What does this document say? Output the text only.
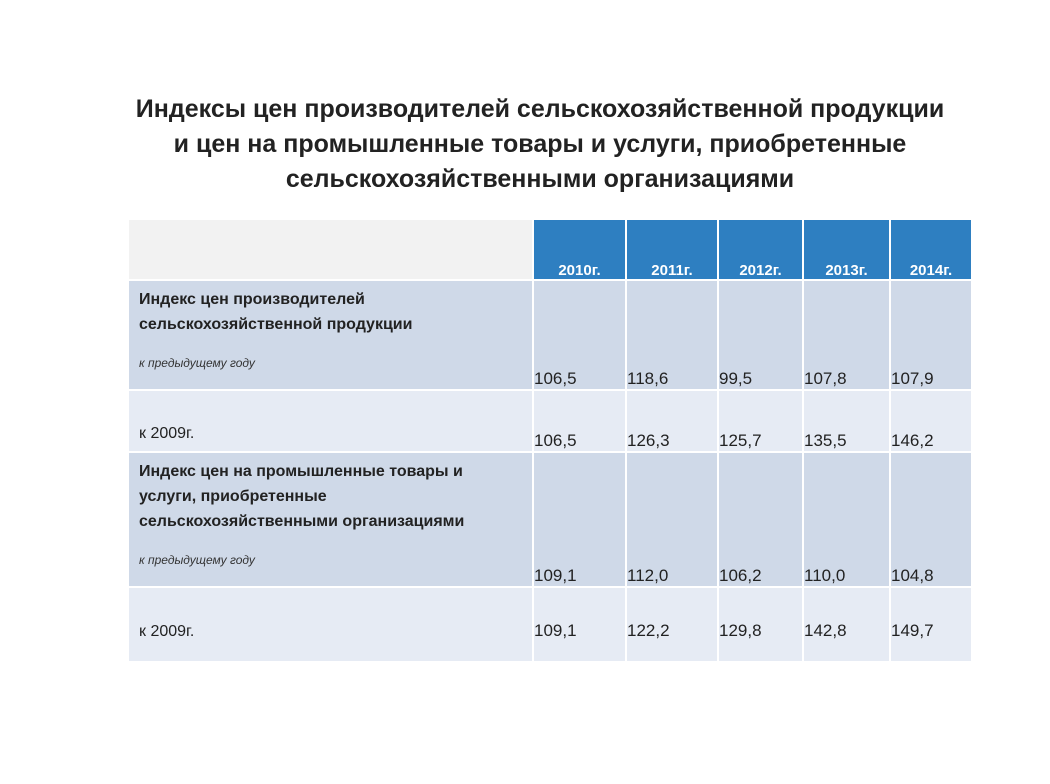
Индексы цен производителей сельскохозяйственной продукции
и цен на промышленные товары и услуги, приобретенные
сельскохозяйственными организациями
	2010г.	2011г.	2012г.	2013г.	2014г.

Индекс цен производителей сельскохозяйственной продукции
к предыдущему году	106,5	118,6	99,5	107,8	107,9

к 2009г.	106,5	126,3	125,7	135,5	146,2

Индекс цен на промышленные товары и услуги, приобретенные сельскохозяйственными организациями
к предыдущему году	109,1	112,0	106,2	110,0	104,8

к 2009г.	109,1	122,2	129,8	142,8	149,7
